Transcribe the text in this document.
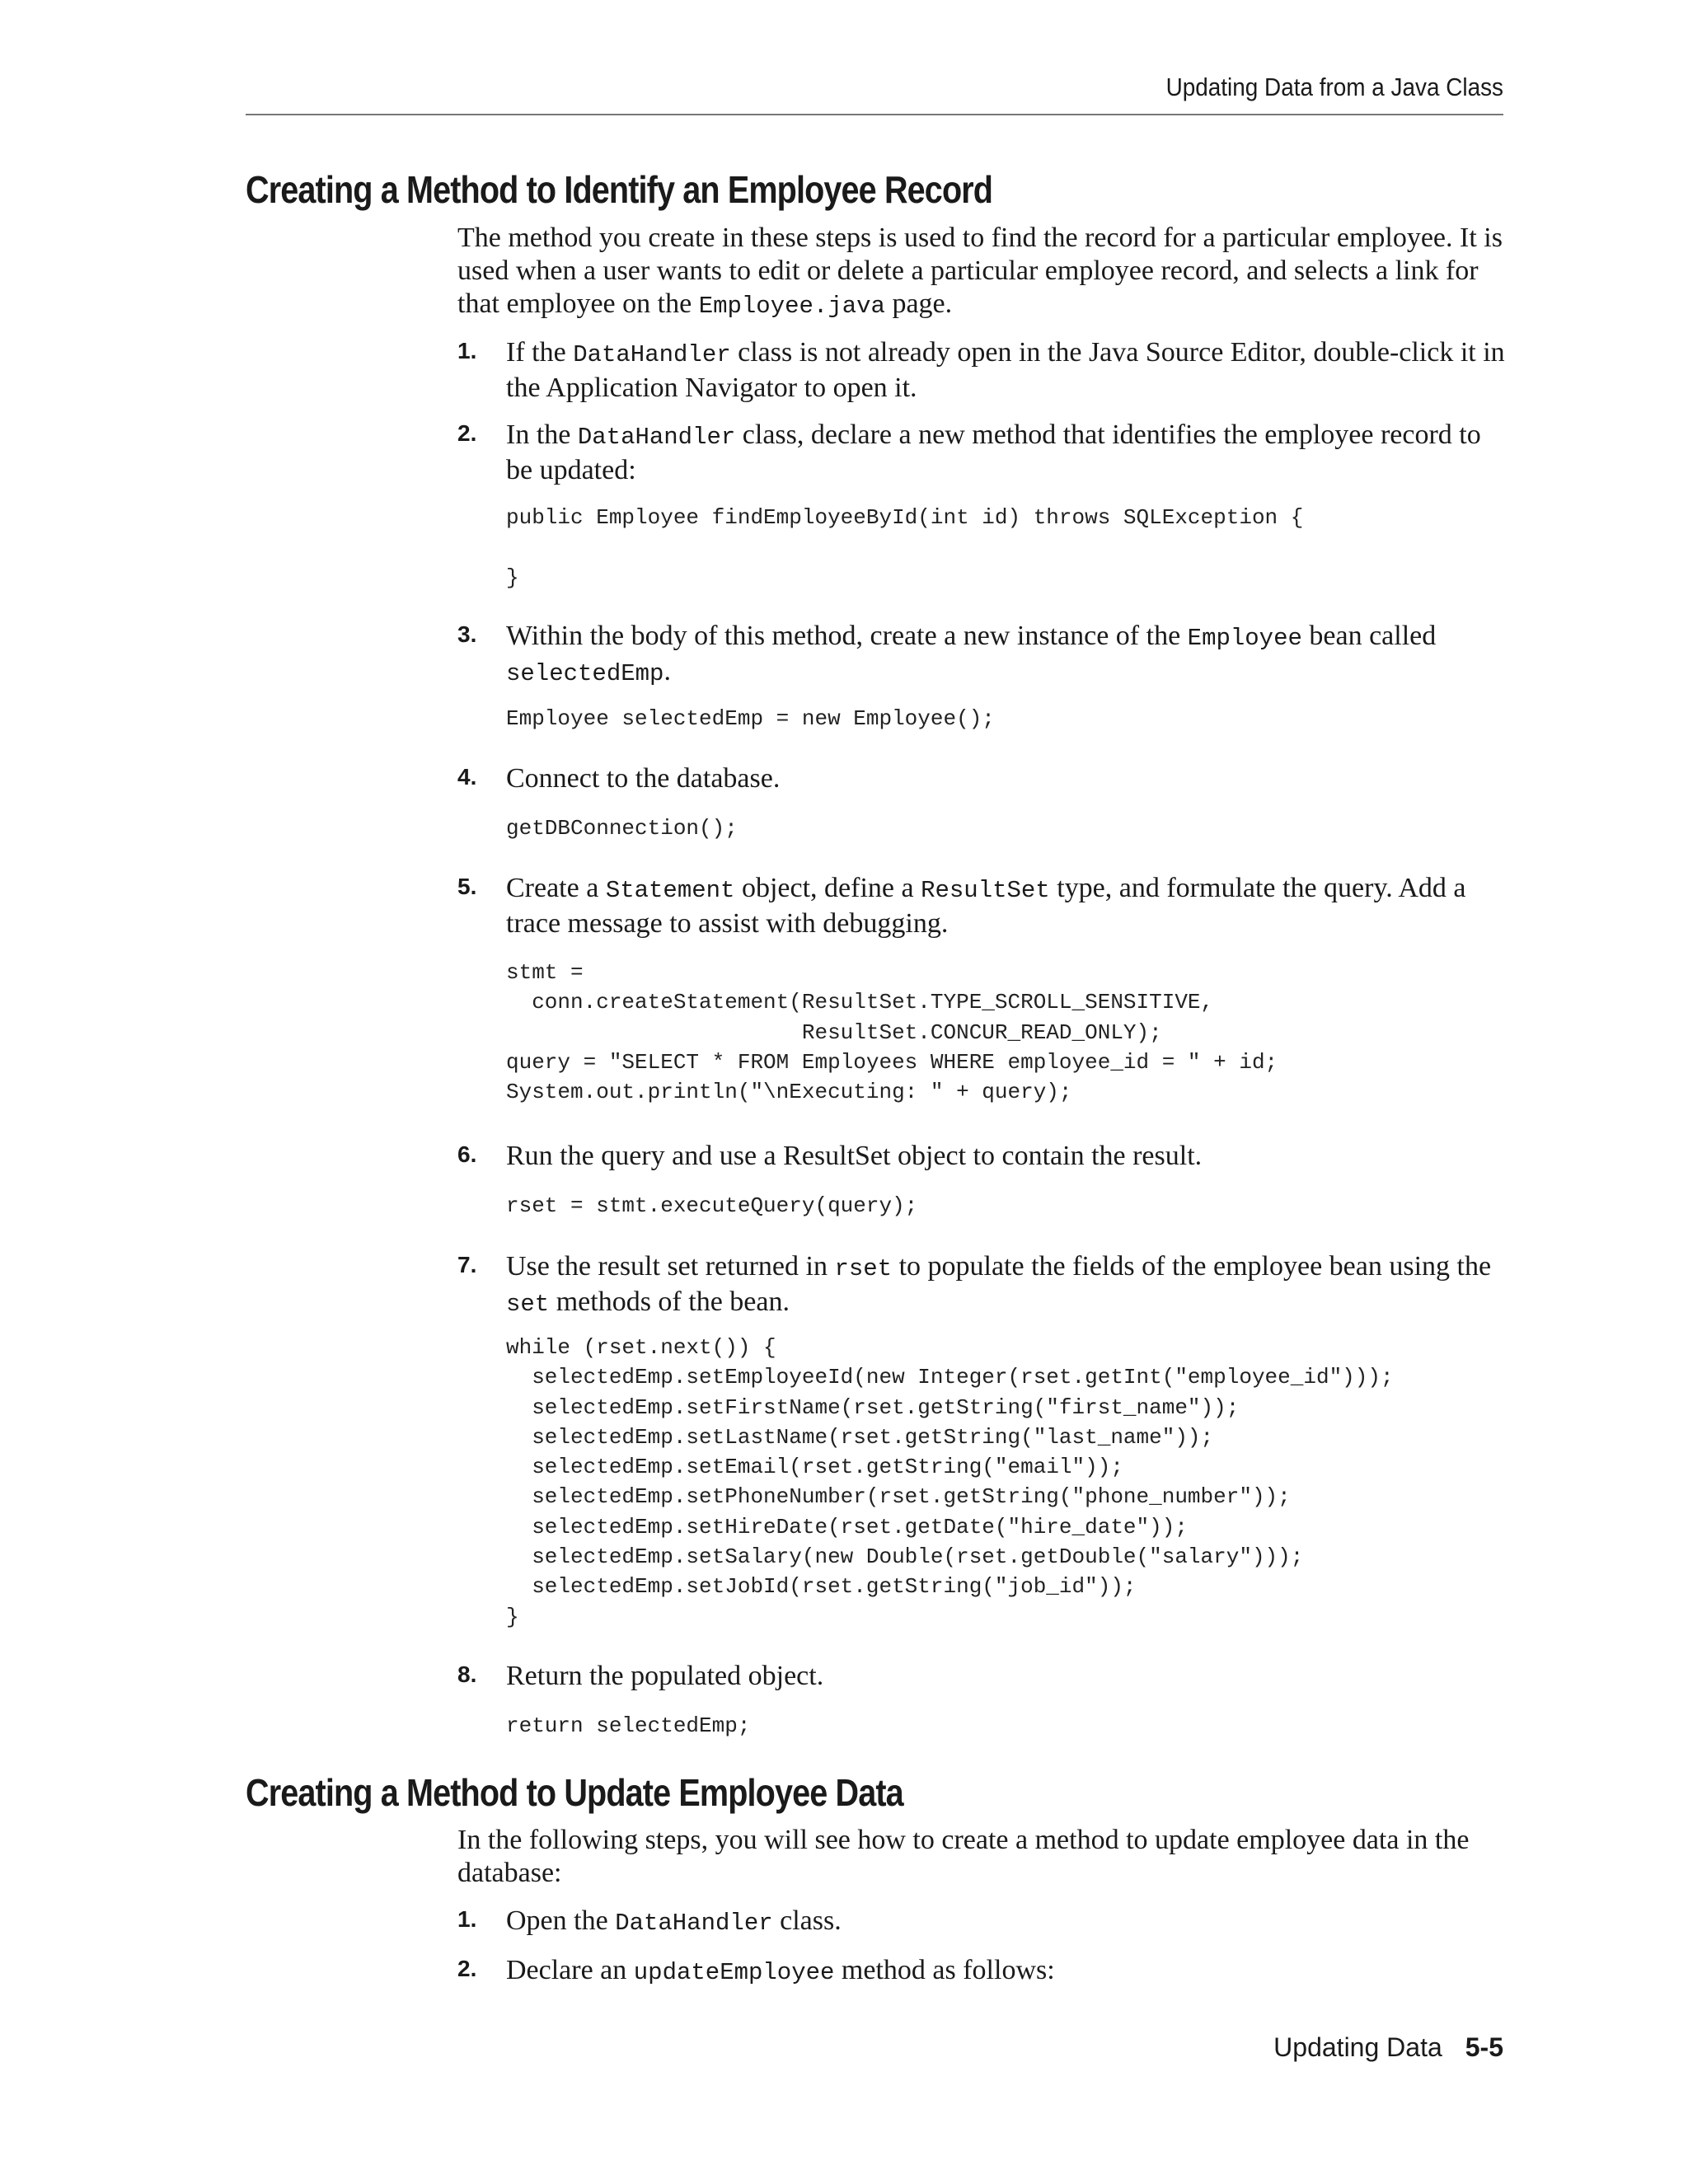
Updating Data from a Java Class
Creating a Method to Identify an Employee Record

The method you create in these steps is used to find the record for a particular employee. It is used when a user wants to edit or delete a particular employee record, and selects a link for that employee on the Employee.java page.

1. If the DataHandler class is not already open in the Java Source Editor, double-click it in the Application Navigator to open it.
2. In the DataHandler class, declare a new method that identifies the employee record to be updated:
public Employee findEmployeeById(int id) throws SQLException {

}
3. Within the body of this method, create a new instance of the Employee bean called selectedEmp.
Employee selectedEmp = new Employee();
4. Connect to the database.
getDBConnection();
5. Create a Statement object, define a ResultSet type, and formulate the query. Add a trace message to assist with debugging.
stmt =
conn.createStatement(ResultSet.TYPE_SCROLL_SENSITIVE,
ResultSet.CONCUR_READ_ONLY);
query = "SELECT * FROM Employees WHERE employee_id = " + id;
System.out.println("\nExecuting: " + query);
6. Run the query and use a ResultSet object to contain the result.
rset = stmt.executeQuery(query);
7. Use the result set returned in rset to populate the fields of the employee bean using the set methods of the bean.
while (rset.next()) {
selectedEmp.setEmployeeId(new Integer(rset.getInt("employee_id")));
selectedEmp.setFirstName(rset.getString("first_name"));
selectedEmp.setLastName(rset.getString("last_name"));
selectedEmp.setEmail(rset.getString("email"));
selectedEmp.setPhoneNumber(rset.getString("phone_number"));
selectedEmp.setHireDate(rset.getDate("hire_date"));
selectedEmp.setSalary(new Double(rset.getDouble("salary")));
selectedEmp.setJobId(rset.getString("job_id"));
}
8. Return the populated object.
return selectedEmp;
Creating a Method to Update Employee Data

In the following steps, you will see how to create a method to update employee data in the database:

1. Open the DataHandler class.
2. Declare an updateEmployee method as follows:
Updating Data 5-5
